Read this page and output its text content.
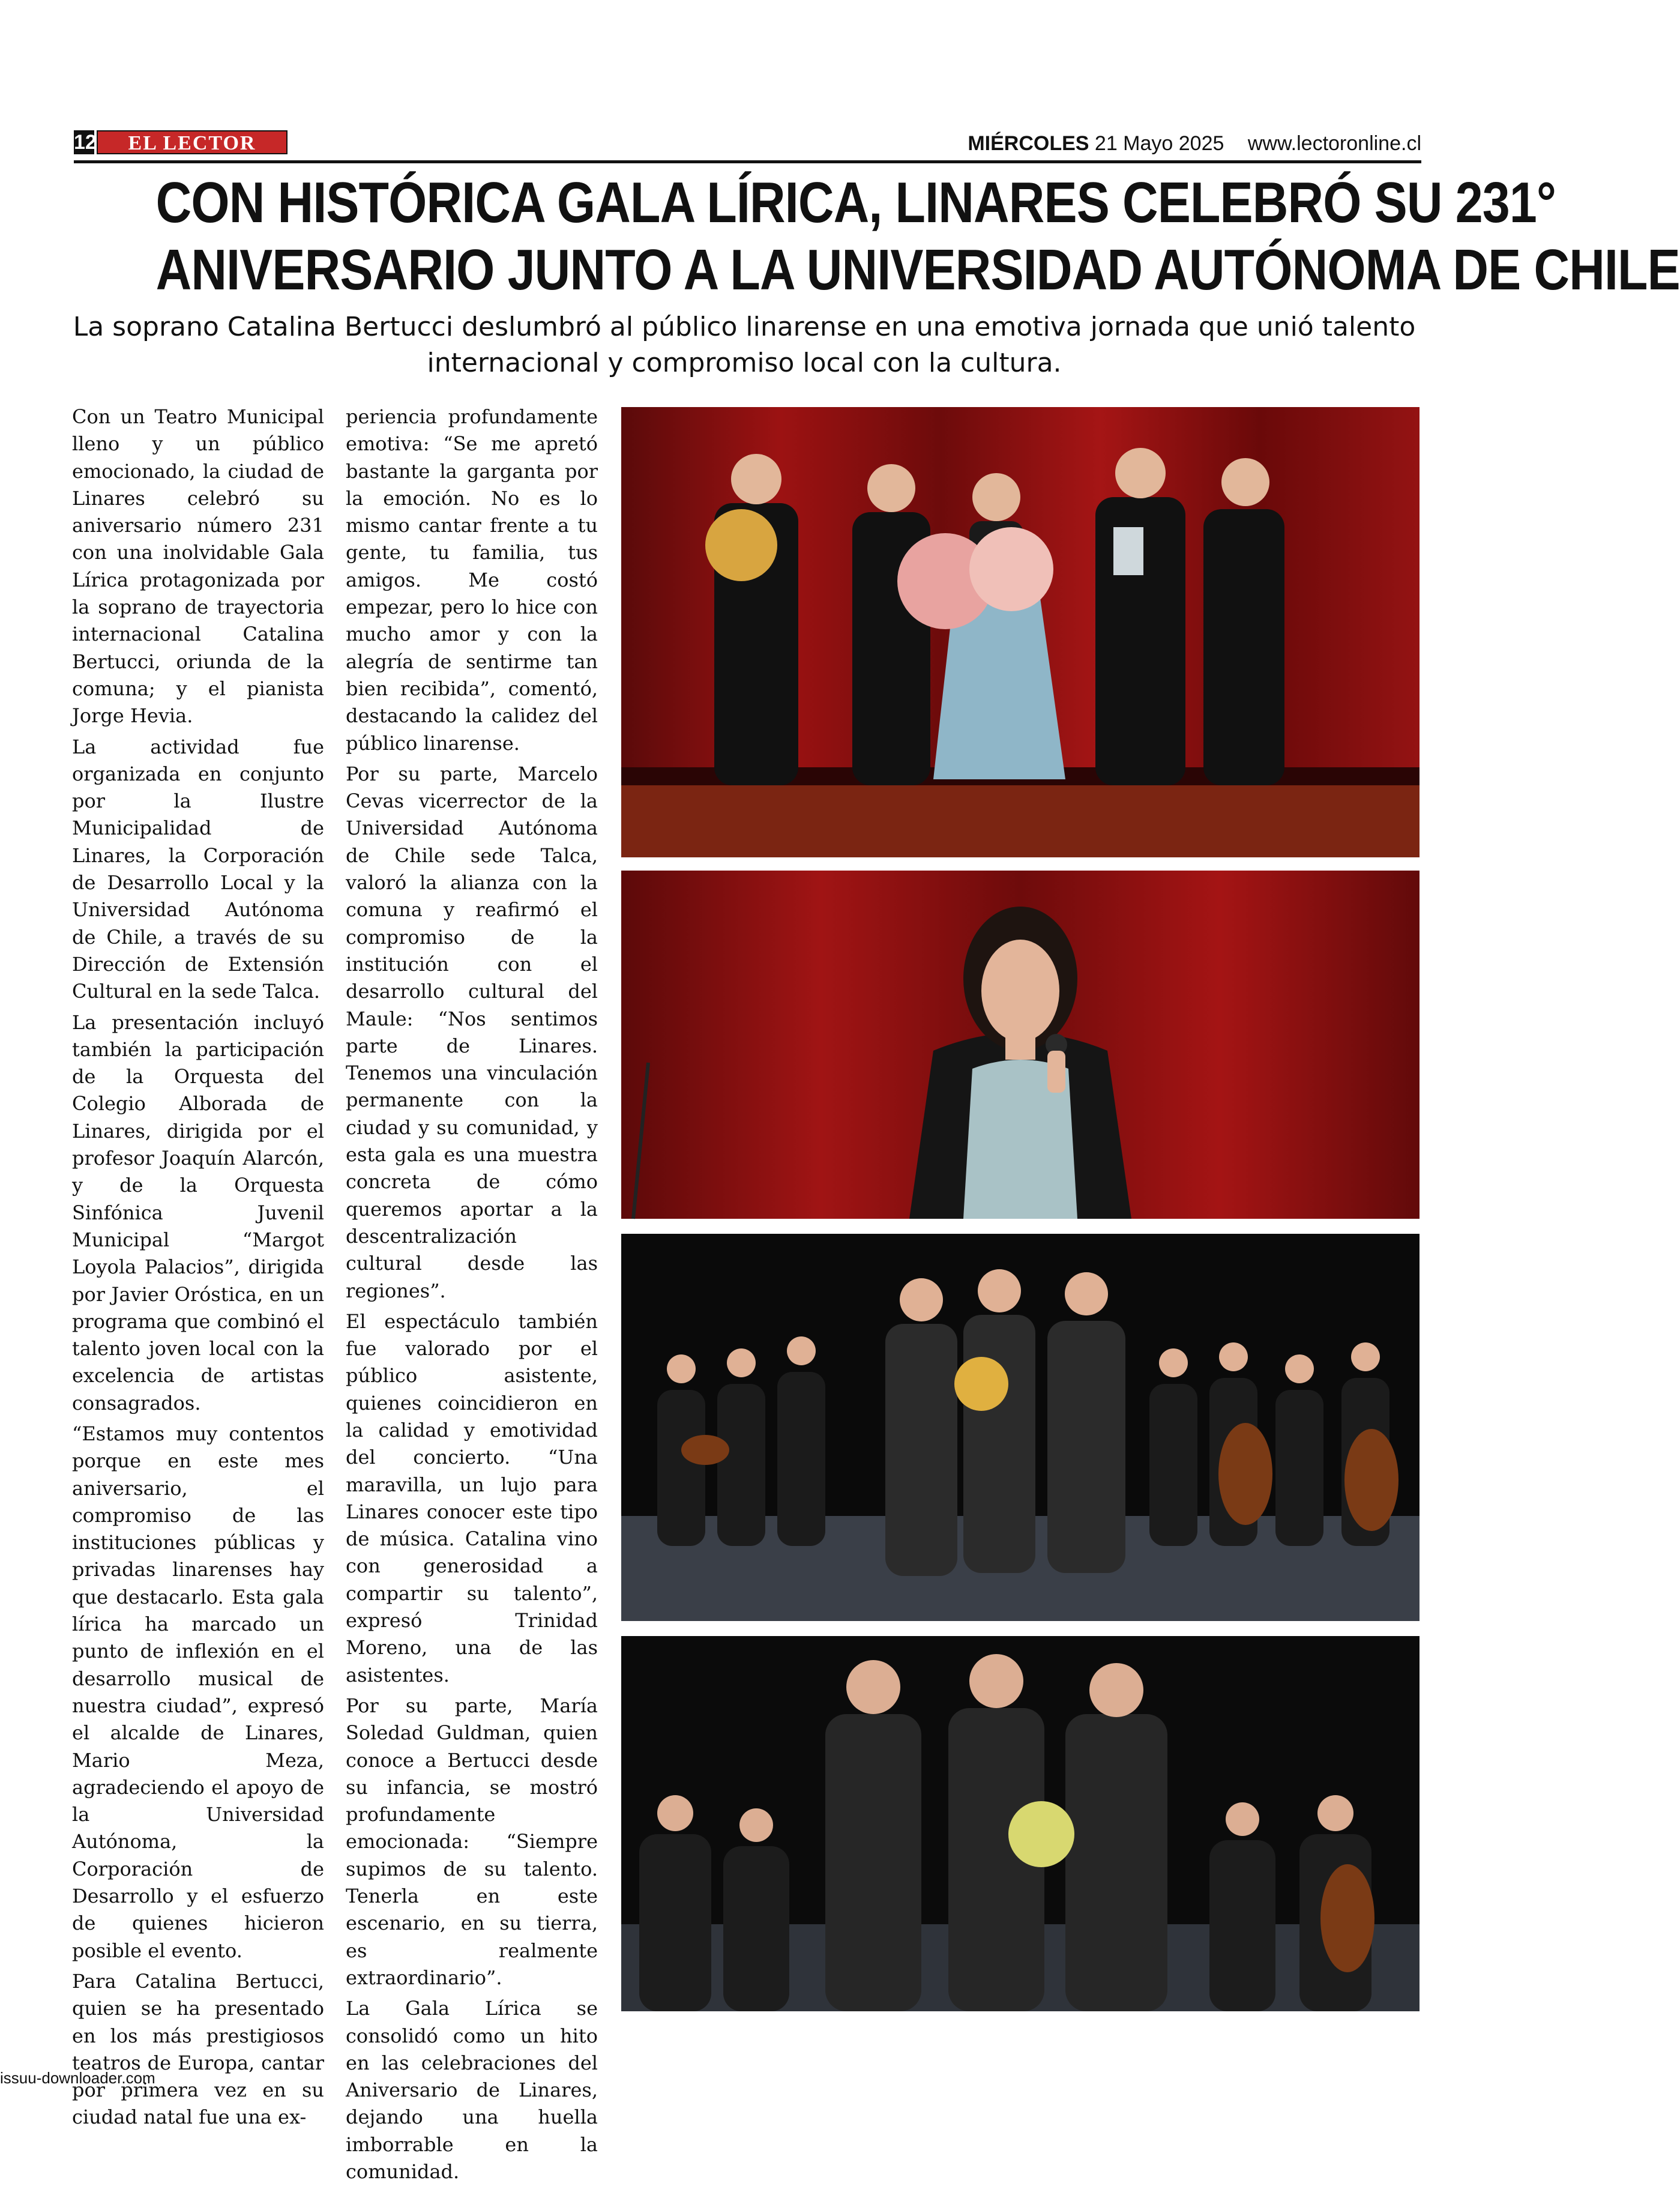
12	EL LECTOR	MIÉRCOLES 21 Mayo 2025 www.lectoronline.cl
CON HISTÓRICA GALA LÍRICA, LINARES CELEBRÓ SU 231°
ANIVERSARIO JUNTO A LA UNIVERSIDAD AUTÓNOMA DE CHILE

La soprano Catalina Bertucci deslumbró al público linarense en una emotiva jornada que unió talento internacional y compromiso local con la cultura.

Con un Teatro Municipal lleno y un público emocionado, la ciudad de Linares celebró su aniversario número 231 con una inolvidable Gala Lírica protagonizada por la soprano de trayectoria internacional Catalina Bertucci, oriunda de la comuna; y el pianista Jorge Hevia.

La actividad fue organizada en conjunto por la Ilustre Municipalidad de Linares, la Corporación de Desarrollo Local y la Universidad Autónoma de Chile, a través de su Dirección de Extensión Cultural en la sede Talca.

La presentación incluyó también la participación de la Orquesta del Colegio Alborada de Linares, dirigida por el profesor Joaquín Alarcón, y de la Orquesta Sinfónica Juvenil Municipal “Margot Loyola Palacios”, dirigida por Javier Oróstica, en un programa que combinó el talento joven local con la excelencia de artistas consagrados.

“Estamos muy contentos porque en este mes aniversario, el compromiso de las instituciones públicas y privadas linarenses hay que destacarlo. Esta gala lírica ha marcado un punto de inflexión en el desarrollo musical de nuestra ciudad”, expresó el alcalde de Linares, Mario Meza, agradeciendo el apoyo de la Universidad Autónoma, la Corporación de Desarrollo y el esfuerzo de quienes hicieron posible el evento.

Para Catalina Bertucci, quien se ha presentado en los más prestigiosos teatros de Europa, cantar por primera vez en su ciudad natal fue una ex-

periencia profundamente emotiva: “Se me apretó bastante la garganta por la emoción. No es lo mismo cantar frente a tu gente, tu familia, tus amigos. Me costó empezar, pero lo hice con mucho amor y con la alegría de sentirme tan bien recibida”, comentó, destacando la calidez del público linarense.

Por su parte, Marcelo Cevas vicerrector de la Universidad Autónoma de Chile sede Talca, valoró la alianza con la comuna y reafirmó el compromiso de la institución con el desarrollo cultural del Maule: “Nos sentimos parte de Linares. Tenemos una vinculación permanente con la ciudad y su comunidad, y esta gala es una muestra concreta de cómo queremos aportar a la descentralización cultural desde las regiones”.

El espectáculo también fue valorado por el público asistente, quienes coincidieron en la calidad y emotividad del concierto. “Una maravilla, un lujo para Linares conocer este tipo de música. Catalina vino con generosidad a compartir su talento”, expresó Trinidad Moreno, una de las asistentes.

Por su parte, María Soledad Guldman, quien conoce a Bertucci desde su infancia, se mostró profundamente emocionada: “Siempre supimos de su talento. Tenerla en este escenario, en su tierra, es realmente extraordinario”.

La Gala Lírica se consolidó como un hito en las celebraciones del Aniversario de Linares, dejando una huella imborrable en la comunidad.

issuu-downloader.com
